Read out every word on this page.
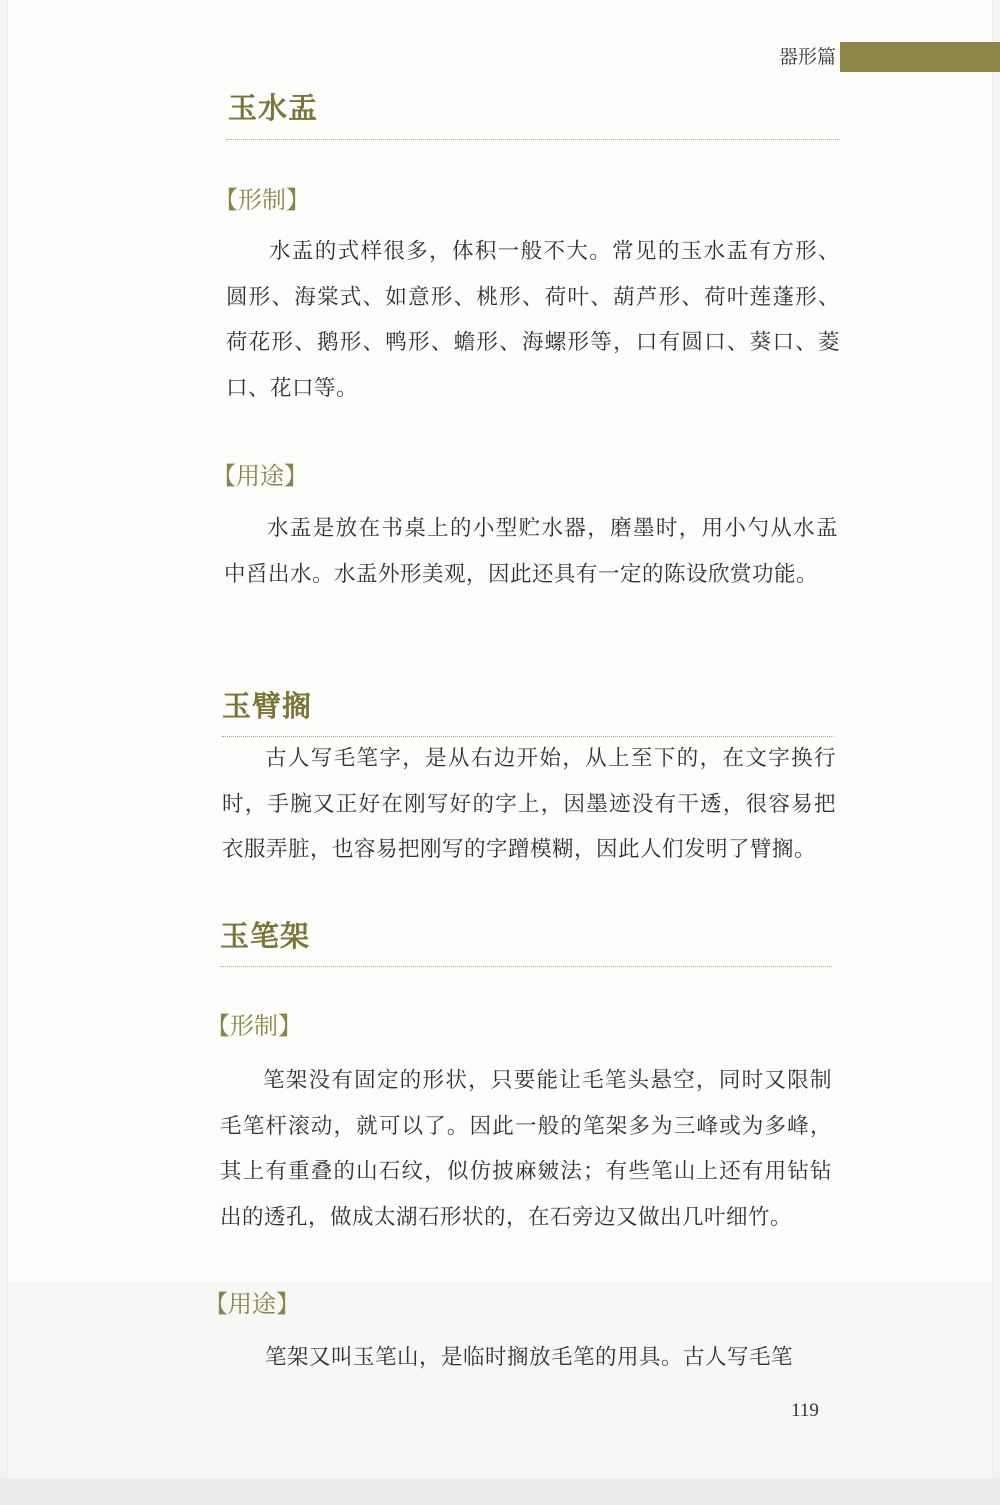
器形篇
玉水盂
【形制】
水盂的式样很多，体积一般不大。常见的玉水盂有方形、圆形、海棠式、如意形、桃形、荷叶、葫芦形、荷叶莲蓬形、荷花形、鹅形、鸭形、蟾形、海螺形等，口有圆口、葵口、菱口、花口等。
【用途】
水盂是放在书桌上的小型贮水器，磨墨时，用小勺从水盂中舀出水。水盂外形美观，因此还具有一定的陈设欣赏功能。
玉臂搁
古人写毛笔字，是从右边开始，从上至下的，在文字换行时，手腕又正好在刚写好的字上，因墨迹没有干透，很容易把衣服弄脏，也容易把刚写的字蹭模糊，因此人们发明了臂搁。
玉笔架
【形制】
笔架没有固定的形状，只要能让毛笔头悬空，同时又限制毛笔杆滚动，就可以了。因此一般的笔架多为三峰或为多峰，其上有重叠的山石纹，似仿披麻皴法；有些笔山上还有用钻钻出的透孔，做成太湖石形状的，在石旁边又做出几叶细竹。
【用途】
笔架又叫玉笔山，是临时搁放毛笔的用具。古人写毛笔
119
